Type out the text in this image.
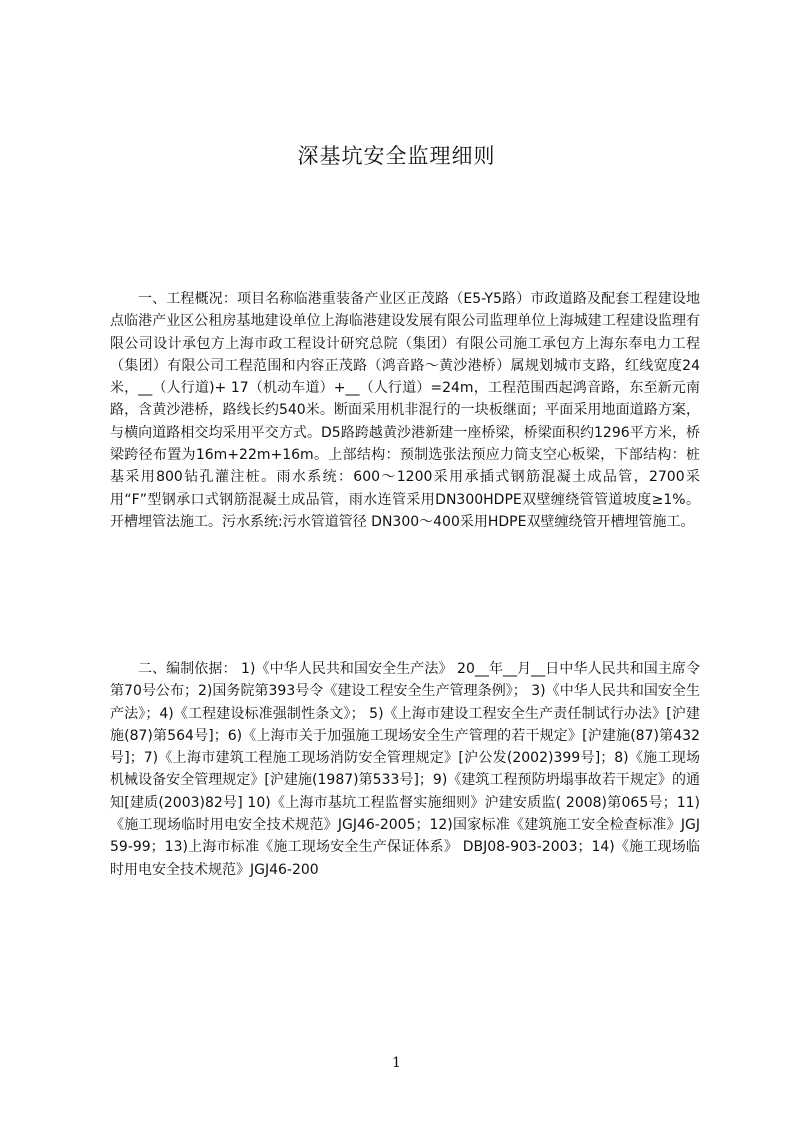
深基坑安全监理细则

一、工程概况：项目名称临港重装备产业区正茂路（E5-Y5路）市政道路及配套工程建设地点临港产业区公租房基地建设单位上海临港建设发展有限公司监理单位上海城建工程建设监理有限公司设计承包方上海市政工程设计研究总院（集团）有限公司施工承包方上海东奉电力工程（集团）有限公司工程范围和内容正茂路（鸿音路～黄沙港桥）属规划城市支路，红线宽度24米，__（人行道)+ 17（机动车道）+__（人行道）=24m，工程范围西起鸿音路，东至新元南路，含黄沙港桥，路线长约540米。断面采用机非混行的一块板继面；平面采用地面道路方案，与横向道路相交均采用平交方式。D5路跨越黄沙港新建一座桥梁，桥梁面积约1296平方米，桥梁跨径布置为16m+22m+16m。上部结构：预制选张法预应力筒支空心板梁，下部结构：桩基采用800钻孔灌注桩。雨水系统：600～1200采用承插式钢筋混凝土成品管，2700采用“F”型钢承口式钢筋混凝土成品管，雨水连管采用DN300HDPE双壁缠绕管管道坡度≥1%。开槽埋管法施工。污水系统:污水管道管径 DN300～400采用HDPE双壁缠绕管开槽埋管施工。

二、编制依据： 1)《中华人民共和国安全生产法》 20__年__月__日中华人民共和国主席令第70号公布；2)国务院第393号令《建设工程安全生产管理条例》； 3)《中华人民共和国安全生产法》；4)《工程建设标准强制性条文》； 5)《上海市建设工程安全生产责任制试行办法》[沪建施(87)第564号]；6)《上海市关于加强施工现场安全生产管理的若干规定》[沪建施(87)第432号]；7)《上海市建筑工程施工现场消防安全管理规定》[沪公发(2002)399号]；8)《施工现场机械设备安全管理规定》[沪建施(1987)第533号]；9)《建筑工程预防坍塌事故若干规定》的通知[建质(2003)82号] 10)《上海市基坑工程监督实施细则》沪建安质监( 2008)第065号；11)《施工现场临时用电安全技术规范》JGJ46-2005；12)国家标准《建筑施工安全检查标准》JGJ59-99；13)上海市标准《施工现场安全生产保证体系》 DBJ08-903-2003；14)《施工现场临时用电安全技术规范》JGJ46-200

1
